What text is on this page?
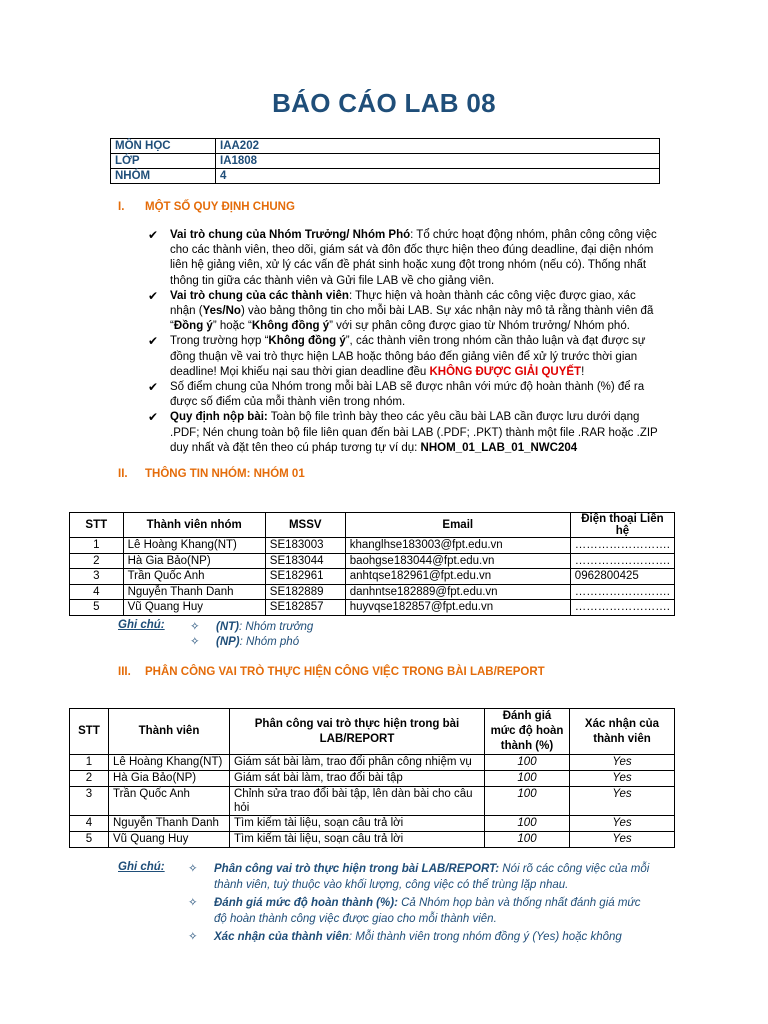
BÁO CÁO LAB 08
MÔN HỌC	IAA202
LỚP	IA1808
NHÓM	4
I. MỘT SỐ QUY ĐỊNH CHUNG
✔ Vai trò chung của Nhóm Trưởng/ Nhóm Phó: Tổ chức hoạt động nhóm, phân công công việc cho các thành viên, theo dõi, giám sát và đôn đốc thực hiện theo đúng deadline, đại diện nhóm liên hệ giảng viên, xử lý các vấn đề phát sinh hoặc xung đột trong nhóm (nếu có). Thống nhất thông tin giữa các thành viên và Gửi file LAB về cho giảng viên.
✔ Vai trò chung của các thành viên: Thực hiện và hoàn thành các công việc được giao, xác nhận (Yes/No) vào bảng thông tin cho mỗi bài LAB. Sự xác nhận này mô tả rằng thành viên đã “Đồng ý” hoặc “Không đồng ý” với sự phân công được giao từ Nhóm trưởng/ Nhóm phó.
✔ Trong trường hợp “Không đồng ý”, các thành viên trong nhóm cần thảo luận và đạt được sự đồng thuận về vai trò thực hiện LAB hoặc thông báo đến giảng viên để xử lý trước thời gian deadline! Mọi khiếu nại sau thời gian deadline đều KHÔNG ĐƯỢC GIẢI QUYẾT!
✔ Số điểm chung của Nhóm trong mỗi bài LAB sẽ được nhân với mức độ hoàn thành (%) để ra được số điểm của mỗi thành viên trong nhóm.
✔ Quy định nộp bài: Toàn bộ file trình bày theo các yêu cầu bài LAB cần được lưu dưới dạng .PDF; Nén chung toàn bộ file liên quan đến bài LAB (.PDF; .PKT) thành một file .RAR hoặc .ZIP duy nhất và đặt tên theo cú pháp tương tự ví dụ: NHOM_01_LAB_01_NWC204
II. THÔNG TIN NHÓM: NHÓM 01
STT	Thành viên nhóm	MSSV	Email	Điện thoại Liên hệ
1	Lê Hoàng Khang(NT)	SE183003	khanglhse183003@fpt.edu.vn	…………………….
2	Hà Gia Bảo(NP)	SE183044	baohgse183044@fpt.edu.vn	…………………….
3	Trần Quốc Anh	SE182961	anhtqse182961@fpt.edu.vn	0962800425
4	Nguyễn Thanh Danh	SE182889	danhntse182889@fpt.edu.vn	…………………….
5	Vũ Quang Huy	SE182857	huyvqse182857@fpt.edu.vn	…………………….
Ghi chú: ✧ (NT): Nhóm trưởng
✧ (NP): Nhóm phó
III. PHÂN CÔNG VAI TRÒ THỰC HIỆN CÔNG VIỆC TRONG BÀI LAB/REPORT
STT	Thành viên	Phân công vai trò thực hiện trong bài LAB/REPORT	Đánh giá mức độ hoàn thành (%)	Xác nhận của thành viên
1	Lê Hoàng Khang(NT)	Giám sát bài làm, trao đổi phân công nhiệm vụ	100	Yes
2	Hà Gia Bảo(NP)	Giám sát bài làm, trao đổi bài tập	100	Yes
3	Trần Quốc Anh	Chỉnh sửa trao đổi bài tập, lên dàn bài cho câu hỏi	100	Yes
4	Nguyễn Thanh Danh	Tìm kiếm tài liệu, soạn câu trả lời	100	Yes
5	Vũ Quang Huy	Tìm kiếm tài liệu, soạn câu trả lời	100	Yes
Ghi chú: ✧ Phân công vai trò thực hiện trong bài LAB/REPORT: Nói rõ các công việc của mỗi thành viên, tuỳ thuộc vào khối lượng, công việc có thể trùng lặp nhau.
✧ Đánh giá mức độ hoàn thành (%): Cả Nhóm họp bàn và thống nhất đánh giá mức độ hoàn thành công việc được giao cho mỗi thành viên.
✧ Xác nhận của thành viên: Mỗi thành viên trong nhóm đồng ý (Yes) hoặc không
